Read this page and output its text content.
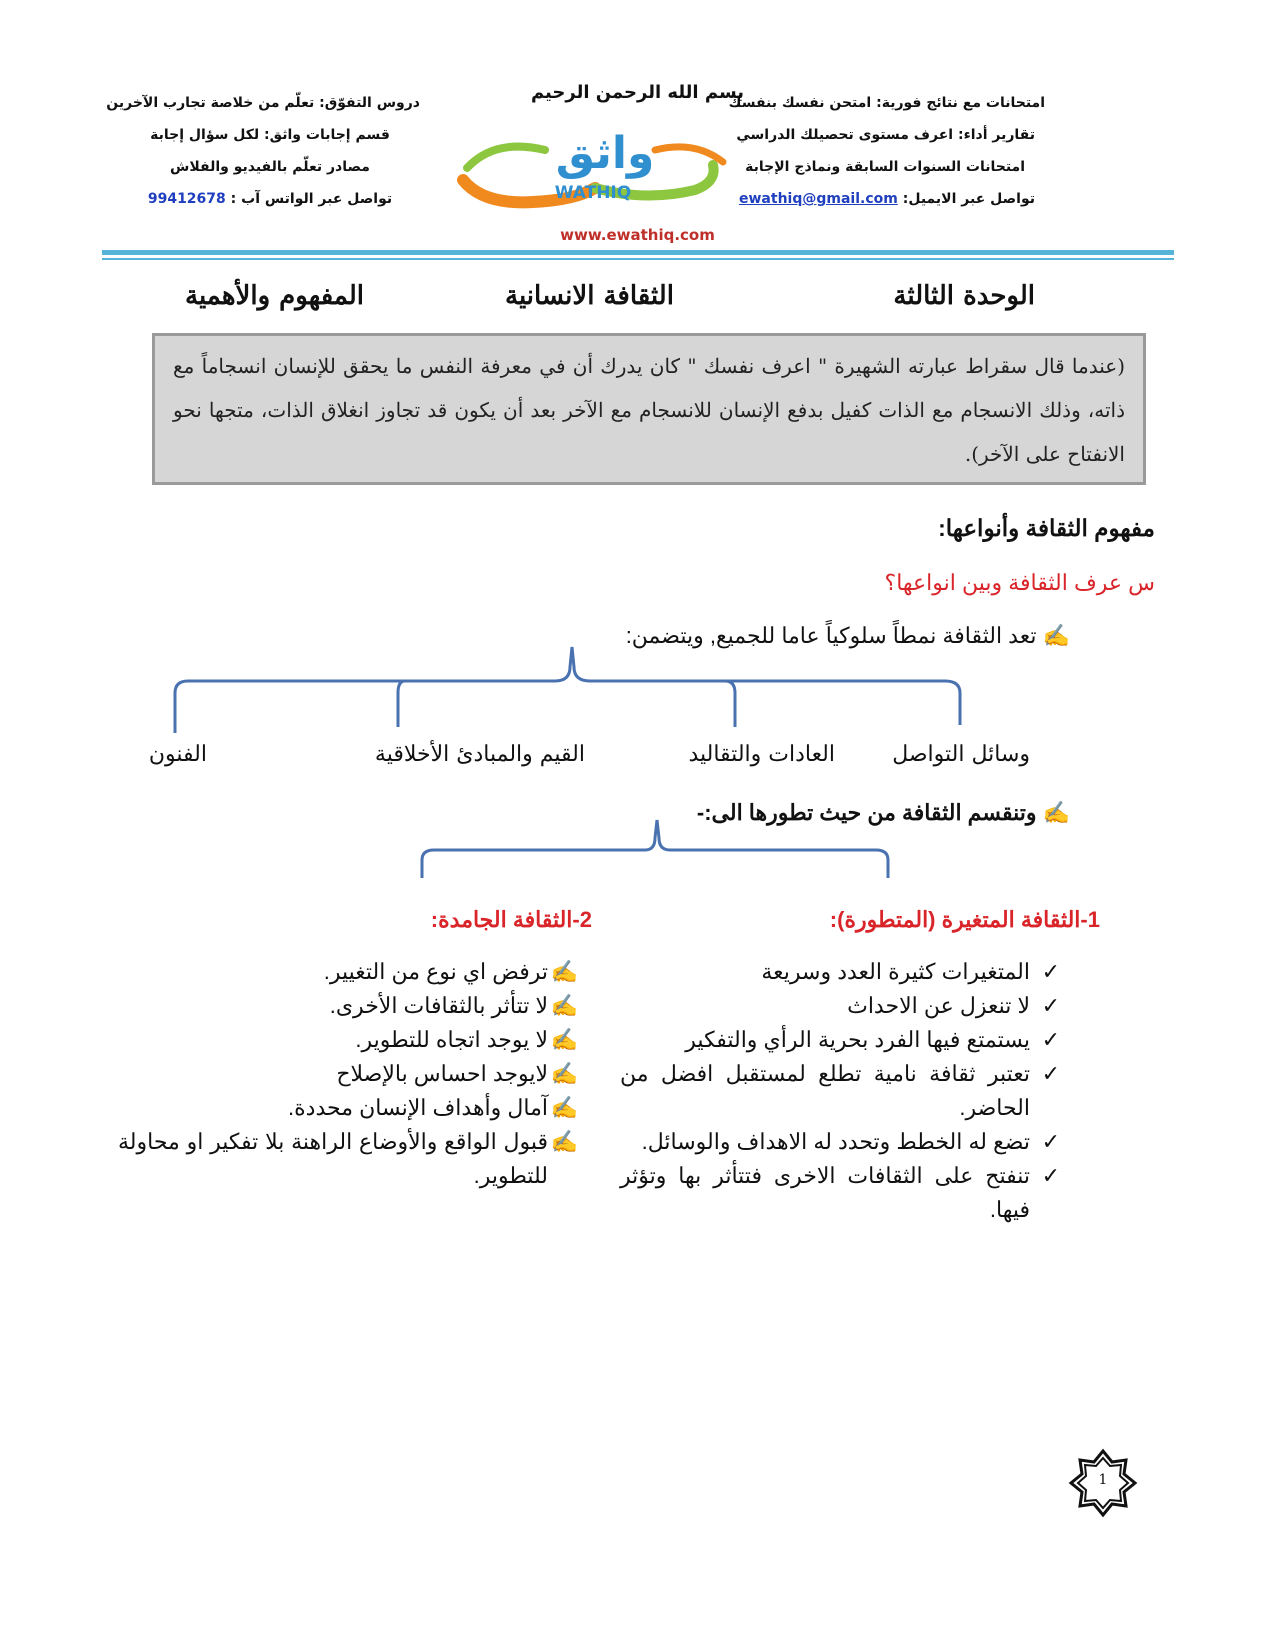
بسم الله الرحمن الرحيم
دروس التفوّق: تعلّم من خلاصة تجارب الآخرين
قسم إجابات واثق: لكل سؤال إجابة
مصادر تعلّم بالفيديو والفلاش
تواصل عبر الواتس آب : 99412678
امتحانات مع نتائج فورية: امتحن نفسك بنفسك
تقارير أداء: اعرف مستوى تحصيلك الدراسي
امتحانات السنوات السابقة ونماذج الإجابة
تواصل عبر الايميل: ewathiq@gmail.com
واثق
WATHIQ
www.ewathiq.com
الوحدة الثالثة
الثقافة الانسانية
المفهوم والأهمية
(عندما قال سقراط عبارته الشهيرة " اعرف نفسك " كان يدرك أن في معرفة النفس ما يحقق للإنسان انسجاماً مع ذاته، وذلك الانسجام مع الذات كفيل بدفع الإنسان للانسجام مع الآخر بعد أن يكون قد تجاوز انغلاق الذات، متجها نحو الانفتاح على الآخر).
مفهوم الثقافة وأنواعها:
س عرف الثقافة وبين انواعها؟
✍ تعد الثقافة نمطاً سلوكياً عاما للجميع, ويتضمن:
وسائل التواصل
العادات والتقاليد
القيم والمبادئ الأخلاقية
الفنون
✍ وتنقسم الثقافة من حيث تطورها الى:-
1-الثقافة المتغيرة (المتطورة):
2-الثقافة الجامدة:
✓
المتغيرات كثيرة العدد وسريعة
✓
لا تنعزل عن الاحداث
✓
يستمتع فيها الفرد بحرية الرأي والتفكير
✓
تعتبر ثقافة نامية تطلع لمستقبل افضل من الحاضر.
✓
تضع له الخطط وتحدد له الاهداف والوسائل.
✓
تنفتح على الثقافات الاخرى فتتأثر بها وتؤثر فيها.
✍
ترفض اي نوع من التغيير.
✍
لا تتأثر بالثقافات الأخرى.
✍
لا يوجد اتجاه للتطوير.
✍
لايوجد احساس بالإصلاح
✍
آمال وأهداف الإنسان محددة.
✍
قبول الواقع والأوضاع الراهنة بلا تفكير او محاولة للتطوير.
1
